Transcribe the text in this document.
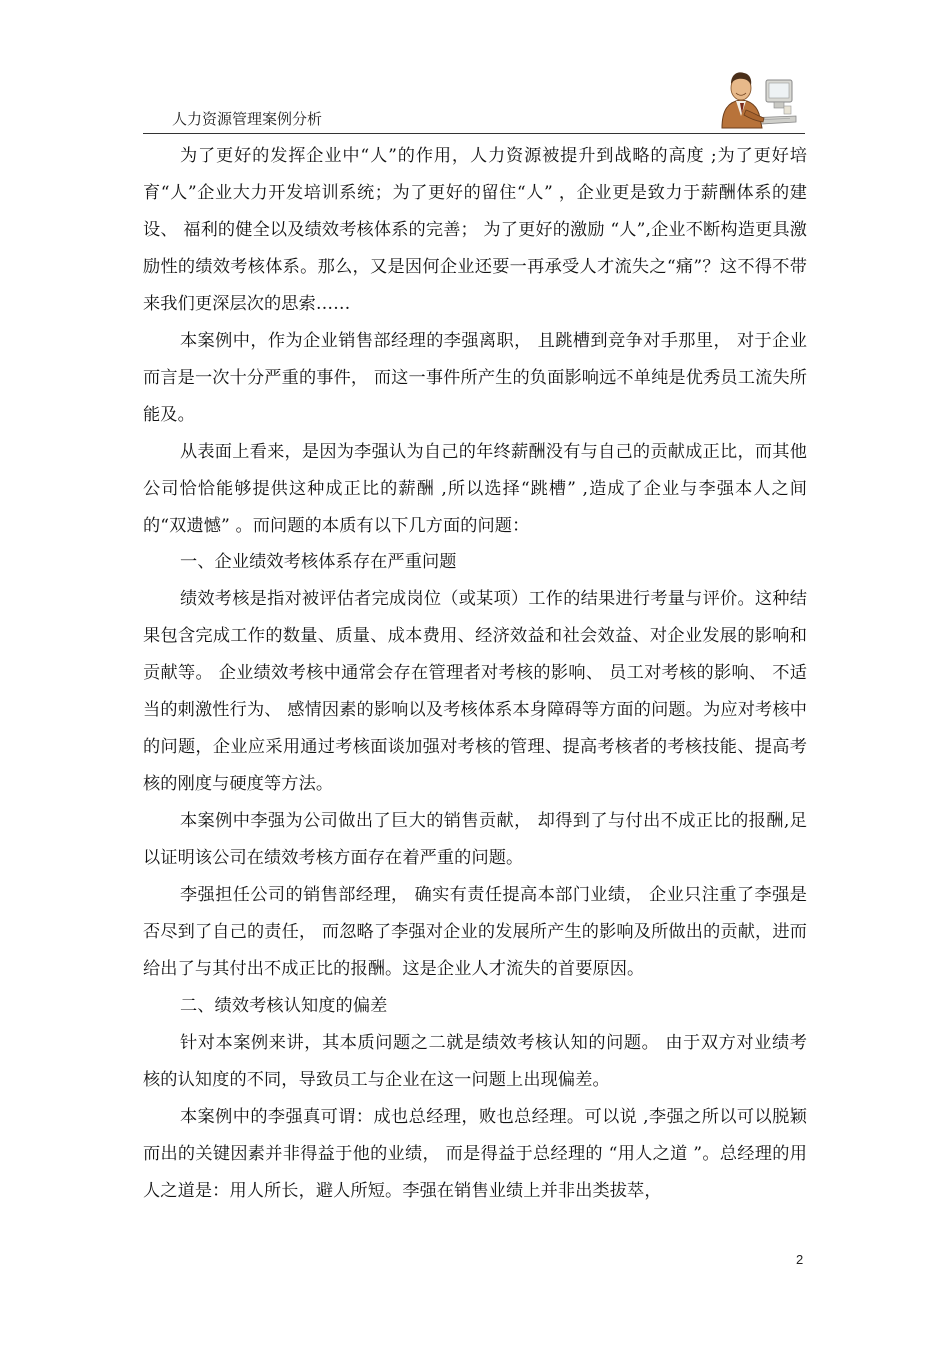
人力资源管理案例分析

为了更好的发挥企业中“人”的作用，人力资源被提升到战略的高度 ;为了更好培育“人”企业大力开发培训系统；为了更好的留住“人” ，企业更是致力于薪酬体系的建设、 福利的健全以及绩效考核体系的完善； 为了更好的激励 “人”,企业不断构造更具激励性的绩效考核体系。那么，又是因何企业还要一再承受人才流失之“痛”？这不得不带来我们更深层次的思索……

本案例中，作为企业销售部经理的李强离职， 且跳槽到竞争对手那里， 对于企业而言是一次十分严重的事件， 而这一事件所产生的负面影响远不单纯是优秀员工流失所能及。

从表面上看来，是因为李强认为自己的年终薪酬没有与自己的贡献成正比，而其他公司恰恰能够提供这种成正比的薪酬 ,所以选择“跳槽” ,造成了企业与李强本人之间的“双遗憾” 。而问题的本质有以下几方面的问题：

一、企业绩效考核体系存在严重问题

绩效考核是指对被评估者完成岗位（或某项）工作的结果进行考量与评价。这种结果包含完成工作的数量、质量、成本费用、经济效益和社会效益、对企业发展的影响和贡献等。 企业绩效考核中通常会存在管理者对考核的影响、 员工对考核的影响、 不适当的刺激性行为、 感情因素的影响以及考核体系本身障碍等方面的问题。为应对考核中的问题，企业应采用通过考核面谈加强对考核的管理、提高考核者的考核技能、提高考核的刚度与硬度等方法。

本案例中李强为公司做出了巨大的销售贡献， 却得到了与付出不成正比的报酬,足以证明该公司在绩效考核方面存在着严重的问题。

李强担任公司的销售部经理， 确实有责任提高本部门业绩， 企业只注重了李强是否尽到了自己的责任， 而忽略了李强对企业的发展所产生的影响及所做出的贡献，进而给出了与其付出不成正比的报酬。这是企业人才流失的首要原因。

二、绩效考核认知度的偏差

针对本案例来讲，其本质问题之二就是绩效考核认知的问题。 由于双方对业绩考核的认知度的不同，导致员工与企业在这一问题上出现偏差。

本案例中的李强真可谓：成也总经理，败也总经理。可以说 ,李强之所以可以脱颖而出的关键因素并非得益于他的业绩， 而是得益于总经理的 “用人之道 ”。总经理的用人之道是：用人所长，避人所短。李强在销售业绩上并非出类拔萃，

2
